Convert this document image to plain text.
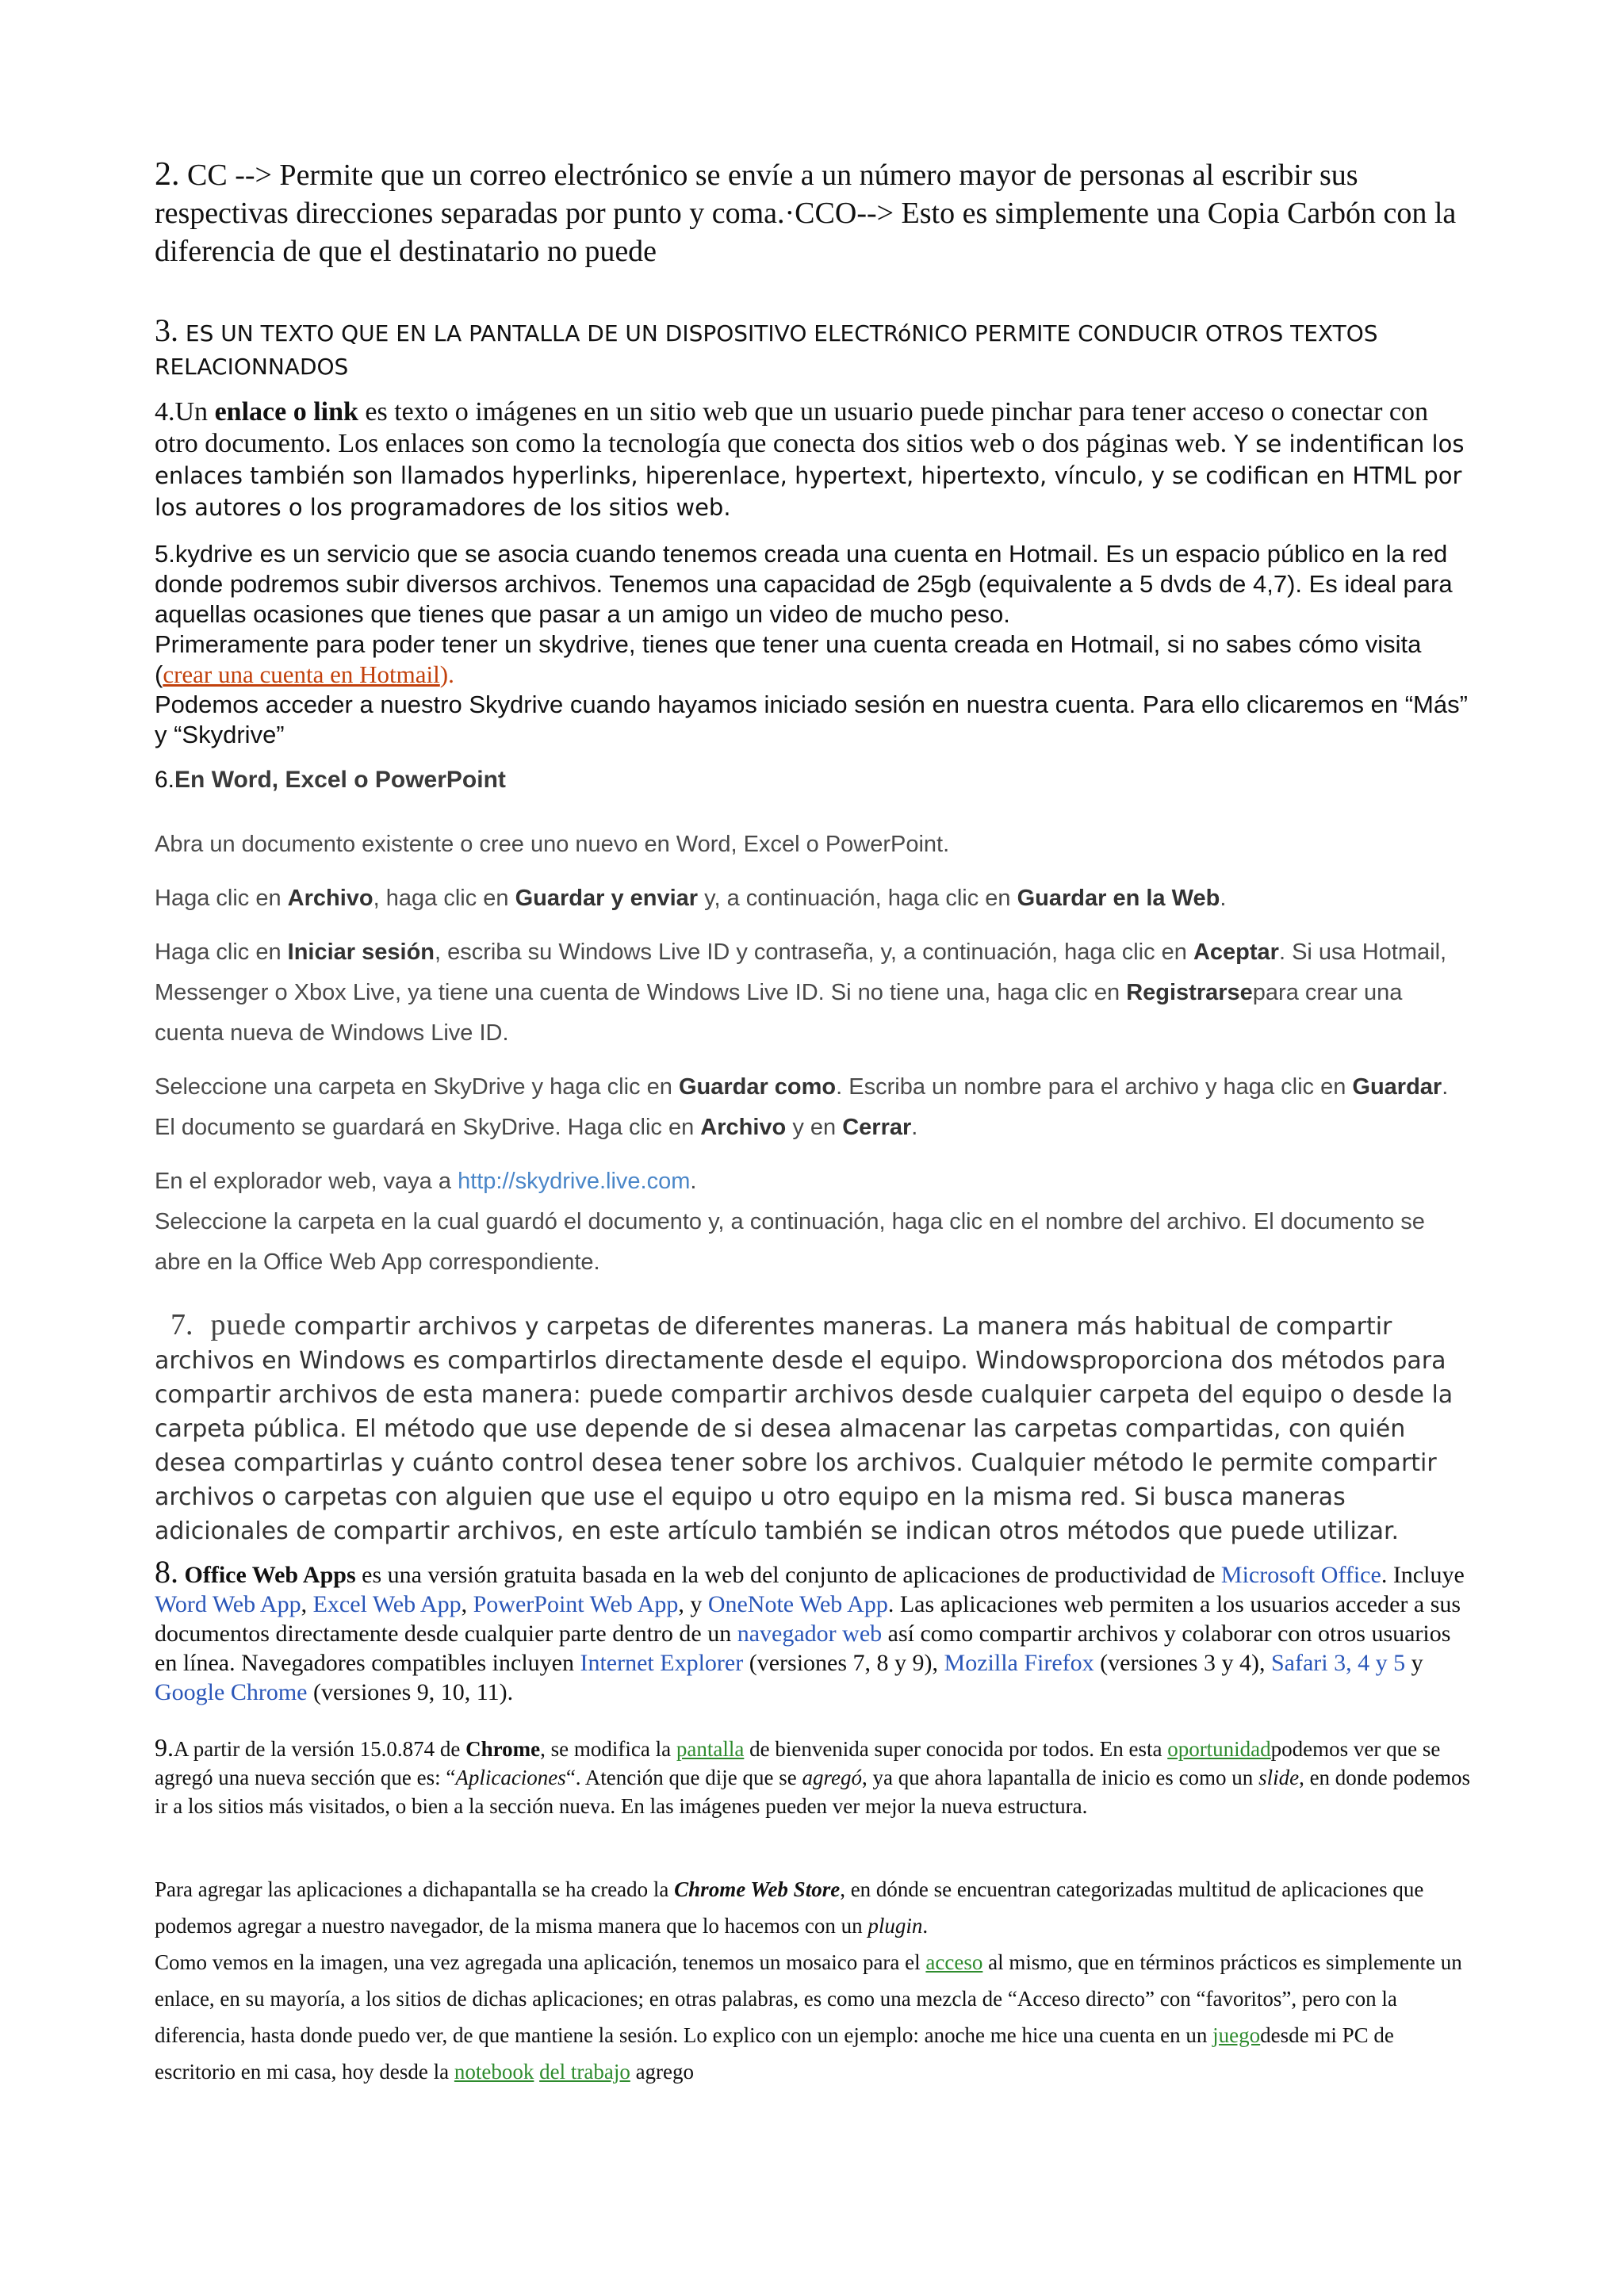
2. CC --> Permite que un correo electrónico se envíe a un número mayor de personas al escribir sus respectivas direcciones separadas por punto y coma.·CCO--> Esto es simplemente una Copia Carbón con la diferencia de que el destinatario no puede

3. ES UN TEXTO QUE EN LA PANTALLA DE UN DISPOSITIVO ELECTRóNICO PERMITE CONDUCIR OTROS TEXTOS RELACIONNADOS

4.Un enlace o link es texto o imágenes en un sitio web que un usuario puede pinchar para tener acceso o conectar con otro documento. Los enlaces son como la tecnología que conecta dos sitios web o dos páginas web. Y se indentifican los enlaces también son llamados hyperlinks, hiperenlace, hypertext, hipertexto, vínculo, y se codifican en HTML por los autores o los programadores de los sitios web.

5.kydrive es un servicio que se asocia cuando tenemos creada una cuenta en Hotmail. Es un espacio público en la red donde podremos subir diversos archivos. Tenemos una capacidad de 25gb (equivalente a 5 dvds de 4,7). Es ideal para aquellas ocasiones que tienes que pasar a un amigo un video de mucho peso.

Primeramente para poder tener un skydrive, tienes que tener una cuenta creada en Hotmail, si no sabes cómo visita (crear una cuenta en Hotmail).

Podemos acceder a nuestro Skydrive cuando hayamos iniciado sesión en nuestra cuenta. Para ello clicaremos en “Más” y “Skydrive”

6.En Word, Excel o PowerPoint

Abra un documento existente o cree uno nuevo en Word, Excel o PowerPoint.

Haga clic en Archivo, haga clic en Guardar y enviar y, a continuación, haga clic en Guardar en la Web.

Haga clic en Iniciar sesión, escriba su Windows Live ID y contraseña, y, a continuación, haga clic en Aceptar. Si usa Hotmail, Messenger o Xbox Live, ya tiene una cuenta de Windows Live ID. Si no tiene una, haga clic en Registrarsepara crear una cuenta nueva de Windows Live ID.

Seleccione una carpeta en SkyDrive y haga clic en Guardar como. Escriba un nombre para el archivo y haga clic en Guardar. El documento se guardará en SkyDrive. Haga clic en Archivo y en Cerrar.

En el explorador web, vaya a http://skydrive.live.com.

Seleccione la carpeta en la cual guardó el documento y, a continuación, haga clic en el nombre del archivo. El documento se abre en la Office Web App correspondiente.

7. puede compartir archivos y carpetas de diferentes maneras. La manera más habitual de compartir archivos en Windows es compartirlos directamente desde el equipo. Windowsproporciona dos métodos para compartir archivos de esta manera: puede compartir archivos desde cualquier carpeta del equipo o desde la carpeta pública. El método que use depende de si desea almacenar las carpetas compartidas, con quién desea compartirlas y cuánto control desea tener sobre los archivos. Cualquier método le permite compartir archivos o carpetas con alguien que use el equipo u otro equipo en la misma red. Si busca maneras adicionales de compartir archivos, en este artículo también se indican otros métodos que puede utilizar.

8. Office Web Apps es una versión gratuita basada en la web del conjunto de aplicaciones de productividad de Microsoft Office. Incluye Word Web App, Excel Web App, PowerPoint Web App, y OneNote Web App. Las aplicaciones web permiten a los usuarios acceder a sus documentos directamente desde cualquier parte dentro de un navegador web así como compartir archivos y colaborar con otros usuarios en línea. Navegadores compatibles incluyen Internet Explorer (versiones 7, 8 y 9), Mozilla Firefox (versiones 3 y 4), Safari 3, 4 y 5 y Google Chrome (versiones 9, 10, 11).

9.A partir de la versión 15.0.874 de Chrome, se modifica la pantalla de bienvenida super conocida por todos. En esta oportunidadpodemos ver que se agregó una nueva sección que es: “Aplicaciones“. Atención que dije que se agregó, ya que ahora lapantalla de inicio es como un slide, en donde podemos ir a los sitios más visitados, o bien a la sección nueva. En las imágenes pueden ver mejor la nueva estructura.

Para agregar las aplicaciones a dichapantalla se ha creado la Chrome Web Store, en dónde se encuentran categorizadas multitud de aplicaciones que podemos agregar a nuestro navegador, de la misma manera que lo hacemos con un plugin.

Como vemos en la imagen, una vez agregada una aplicación, tenemos un mosaico para el acceso al mismo, que en términos prácticos es simplemente un enlace, en su mayoría, a los sitios de dichas aplicaciones; en otras palabras, es como una mezcla de “Acceso directo” con “favoritos”, pero con la diferencia, hasta donde puedo ver, de que mantiene la sesión. Lo explico con un ejemplo: anoche me hice una cuenta en un juegodesde mi PC de escritorio en mi casa, hoy desde la notebook del trabajo agrego
